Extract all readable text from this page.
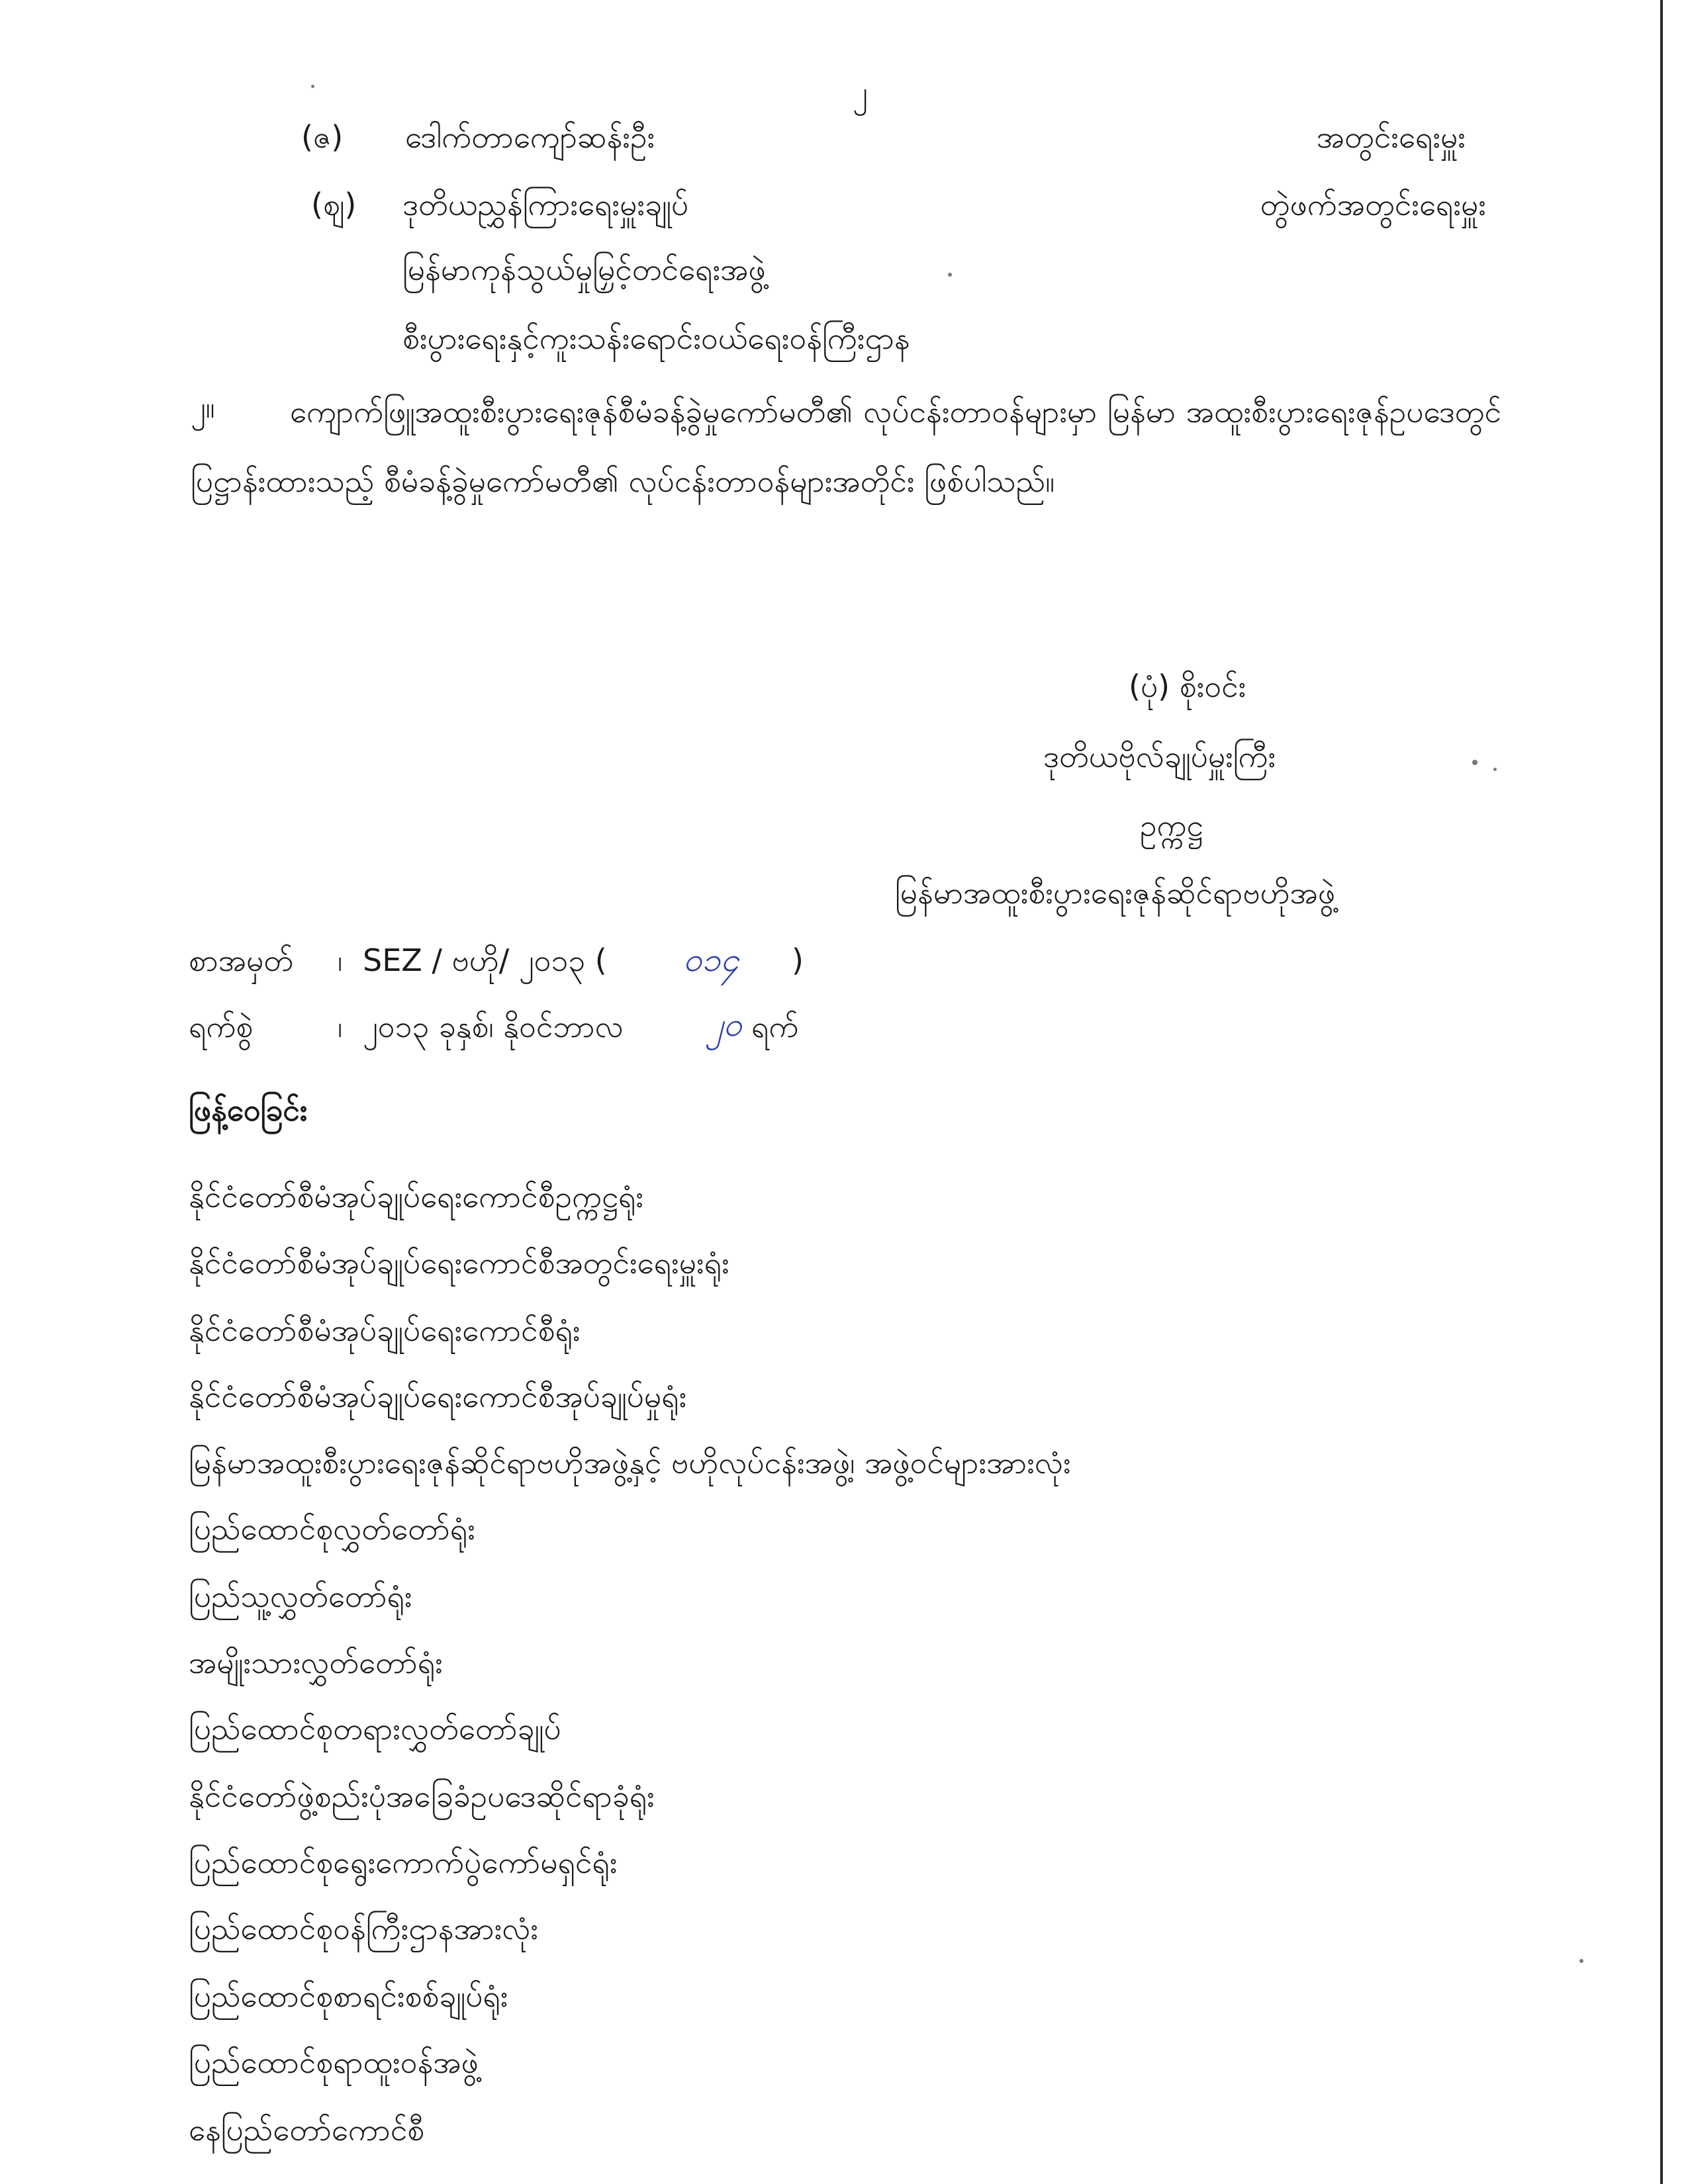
၂
(ဇ) ဒေါက်တာကျော်ဆန်းဦး	အတွင်းရေးမှူး
(ဈ) ဒုတိယညွှန်ကြားရေးမှူးချုပ်	တွဲဖက်အတွင်းရေးမှူး
မြန်မာကုန်သွယ်မှုမြှင့်တင်ရေးအဖွဲ့
စီးပွားရေးနှင့်ကူးသန်းရောင်းဝယ်ရေးဝန်ကြီးဌာန
၂။	ကျောက်ဖြူအထူးစီးပွားရေးဇုန်စီမံခန့်ခွဲမှုကော်မတီ၏ လုပ်ငန်းတာဝန်များမှာ မြန်မာ အထူးစီးပွားရေးဇုန်ဥပဒေတွင် ပြဋ္ဌာန်းထားသည့် စီမံခန့်ခွဲမှုကော်မတီ၏ လုပ်ငန်းတာဝန်များအတိုင်း ဖြစ်ပါသည်။
(ပုံ) စိုးဝင်း
ဒုတိယဗိုလ်ချုပ်မှူးကြီး
ဥက္ကဋ္ဌ
မြန်မာအထူးစီးပွားရေးဇုန်ဆိုင်ရာဗဟိုအဖွဲ့
စာအမှတ် ၊ SEZ / ဗဟို/ ၂၀၁၃ ( ၀၁၄ )
ရက်စွဲ	၊ ၂၀၁၃ ခုနှစ်၊ နိုဝင်ဘာလ	၂၀ ရက်
ဖြန့်ဝေခြင်း
နိုင်ငံတော်စီမံအုပ်ချုပ်ရေးကောင်စီဥက္ကဋ္ဌရုံး
နိုင်ငံတော်စီမံအုပ်ချုပ်ရေးကောင်စီအတွင်းရေးမှူးရုံး
နိုင်ငံတော်စီမံအုပ်ချုပ်ရေးကောင်စီရုံး
နိုင်ငံတော်စီမံအုပ်ချုပ်ရေးကောင်စီအုပ်ချုပ်မှုရုံး
မြန်မာအထူးစီးပွားရေးဇုန်ဆိုင်ရာဗဟိုအဖွဲ့နှင့် ဗဟိုလုပ်ငန်းအဖွဲ့၊ အဖွဲ့ဝင်များအားလုံး
ပြည်ထောင်စုလွှတ်တော်ရုံး
ပြည်သူ့လွှတ်တော်ရုံး
အမျိုးသားလွှတ်တော်ရုံး
ပြည်ထောင်စုတရားလွှတ်တော်ချုပ်
နိုင်ငံတော်ဖွဲ့စည်းပုံအခြေခံဥပဒေဆိုင်ရာခုံရုံး
ပြည်ထောင်စုရွေးကောက်ပွဲကော်မရှင်ရုံး
ပြည်ထောင်စုဝန်ကြီးဌာနအားလုံး
ပြည်ထောင်စုစာရင်းစစ်ချုပ်ရုံး
ပြည်ထောင်စုရာထူးဝန်အဖွဲ့
နေပြည်တော်ကောင်စီ
